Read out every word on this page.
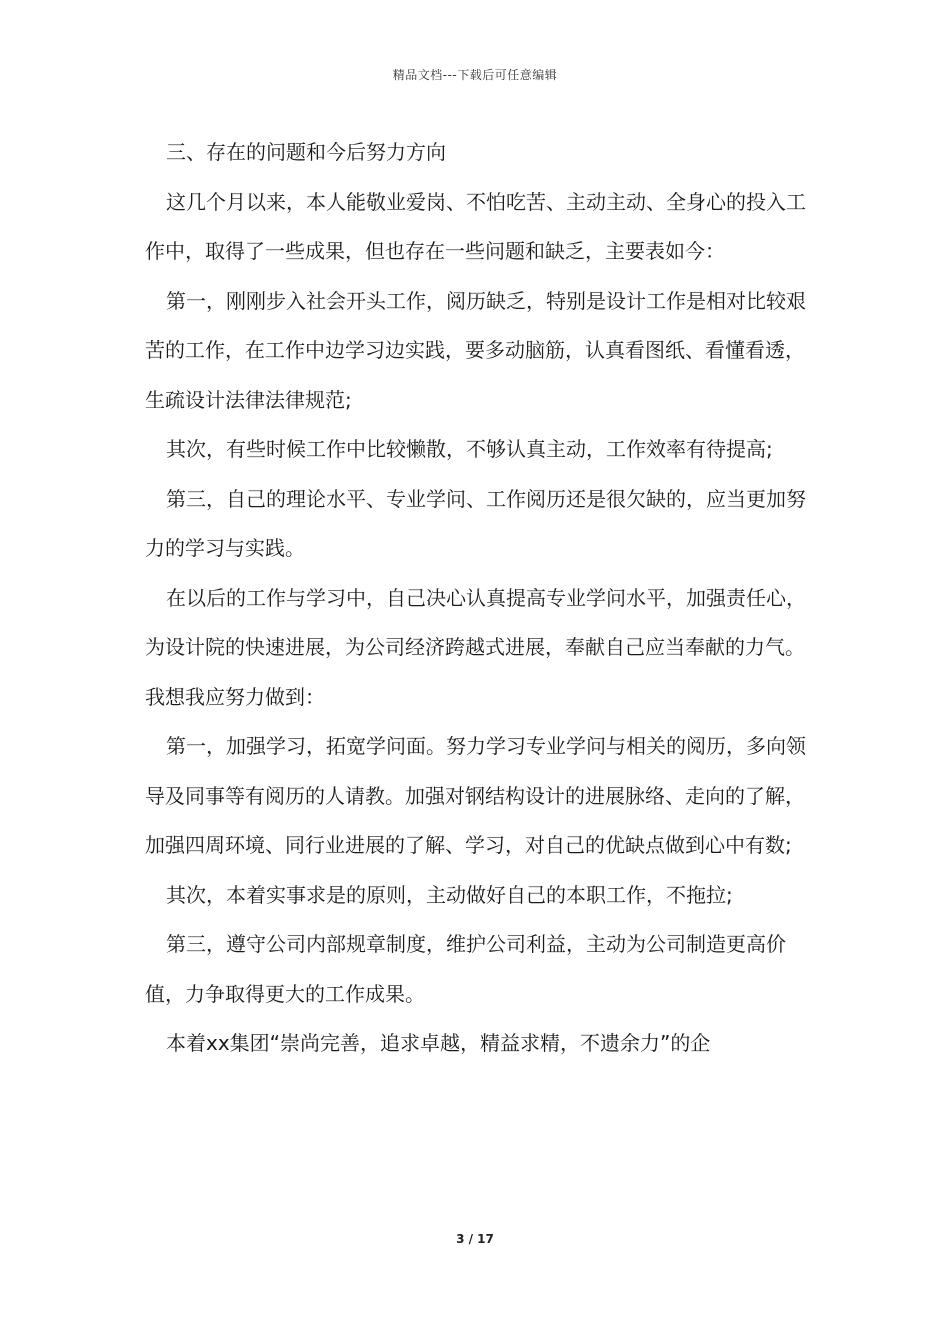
精品文档---下载后可任意编辑

三、存在的问题和今后努力方向

这几个月以来，本人能敬业爱岗、不怕吃苦、主动主动、全身心的投入工作中，取得了一些成果，但也存在一些问题和缺乏，主要表如今：

第一，刚刚步入社会开头工作，阅历缺乏，特别是设计工作是相对比较艰苦的工作，在工作中边学习边实践，要多动脑筋，认真看图纸、看懂看透，生疏设计法律法律规范;

其次，有些时候工作中比较懒散，不够认真主动，工作效率有待提高;

第三，自己的理论水平、专业学问、工作阅历还是很欠缺的，应当更加努力的学习与实践。

在以后的工作与学习中，自己决心认真提高专业学问水平，加强责任心，为设计院的快速进展，为公司经济跨越式进展，奉献自己应当奉献的力气。我想我应努力做到：

第一，加强学习，拓宽学问面。努力学习专业学问与相关的阅历，多向领导及同事等有阅历的人请教。加强对钢结构设计的进展脉络、走向的了解，加强四周环境、同行业进展的了解、学习，对自己的优缺点做到心中有数;

其次，本着实事求是的原则，主动做好自己的本职工作，不拖拉;

第三，遵守公司内部规章制度，维护公司利益，主动为公司制造更高价值，力争取得更大的工作成果。

本着xx集团“崇尚完善，追求卓越，精益求精，不遗余力”的企

3 / 17
